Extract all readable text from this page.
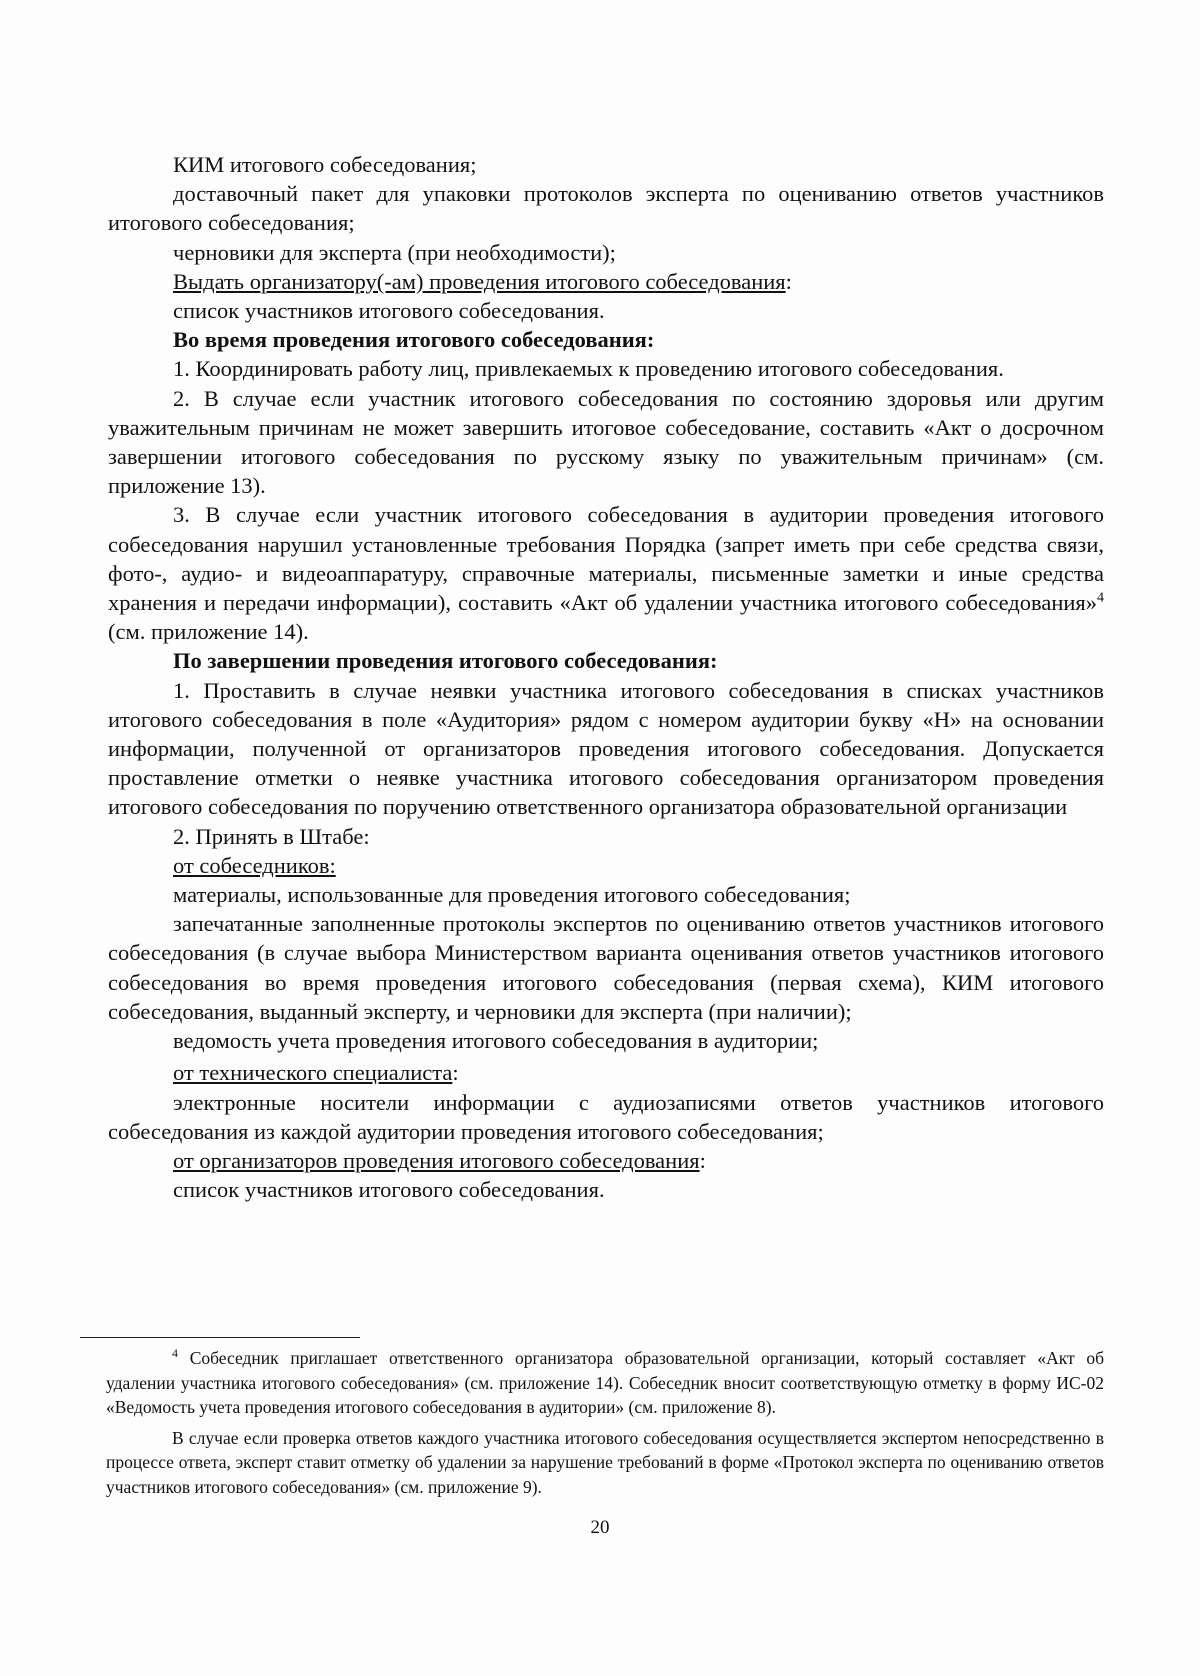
КИМ итогового собеседования;

доставочный пакет для упаковки протоколов эксперта по оцениванию ответов участников итогового собеседования;

черновики для эксперта (при необходимости);

Выдать организатору(-ам) проведения итогового собеседования:

список участников итогового собеседования.

Во время проведения итогового собеседования:

1. Координировать работу лиц, привлекаемых к проведению итогового собеседования.

2. В случае если участник итогового собеседования по состоянию здоровья или другим уважительным причинам не может завершить итоговое собеседование, составить «Акт о досрочном завершении итогового собеседования по русскому языку по уважительным причинам» (см. приложение 13).

3. В случае если участник итогового собеседования в аудитории проведения итогового собеседования нарушил установленные требования Порядка (запрет иметь при себе средства связи, фото-, аудио- и видеоаппаратуру, справочные материалы, письменные заметки и иные средства хранения и передачи информации), составить «Акт об удалении участника итогового собеседования»$^4$ (см. приложение 14).

По завершении проведения итогового собеседования:

1. Проставить в случае неявки участника итогового собеседования в списках участников итогового собеседования в поле «Аудитория» рядом с номером аудитории букву «Н» на основании информации, полученной от организаторов проведения итогового собеседования. Допускается проставление отметки о неявке участника итогового собеседования организатором проведения итогового собеседования по поручению ответственного организатора образовательной организации

2. Принять в Штабе:

от собеседников:

материалы, использованные для проведения итогового собеседования;

запечатанные заполненные протоколы экспертов по оцениванию ответов участников итогового собеседования (в случае выбора Министерством варианта оценивания ответов участников итогового собеседования во время проведения итогового собеседования (первая схема), КИМ итогового собеседования, выданный эксперту, и черновики для эксперта (при наличии);

ведомость учета проведения итогового собеседования в аудитории;

от технического специалиста:

электронные носители информации с аудиозаписями ответов участников итогового собеседования из каждой аудитории проведения итогового собеседования;

от организаторов проведения итогового собеседования:

список участников итогового собеседования.

$^4$ Собеседник приглашает ответственного организатора образовательной организации, который составляет «Акт об удалении участника итогового собеседования» (см. приложение 14). Собеседник вносит соответствующую отметку в форму ИС-02 «Ведомость учета проведения итогового собеседования в аудитории» (см. приложение 8).

В случае если проверка ответов каждого участника итогового собеседования осуществляется экспертом непосредственно в процессе ответа, эксперт ставит отметку об удалении за нарушение требований в форме «Протокол эксперта по оцениванию ответов участников итогового собеседования» (см. приложение 9).

20
